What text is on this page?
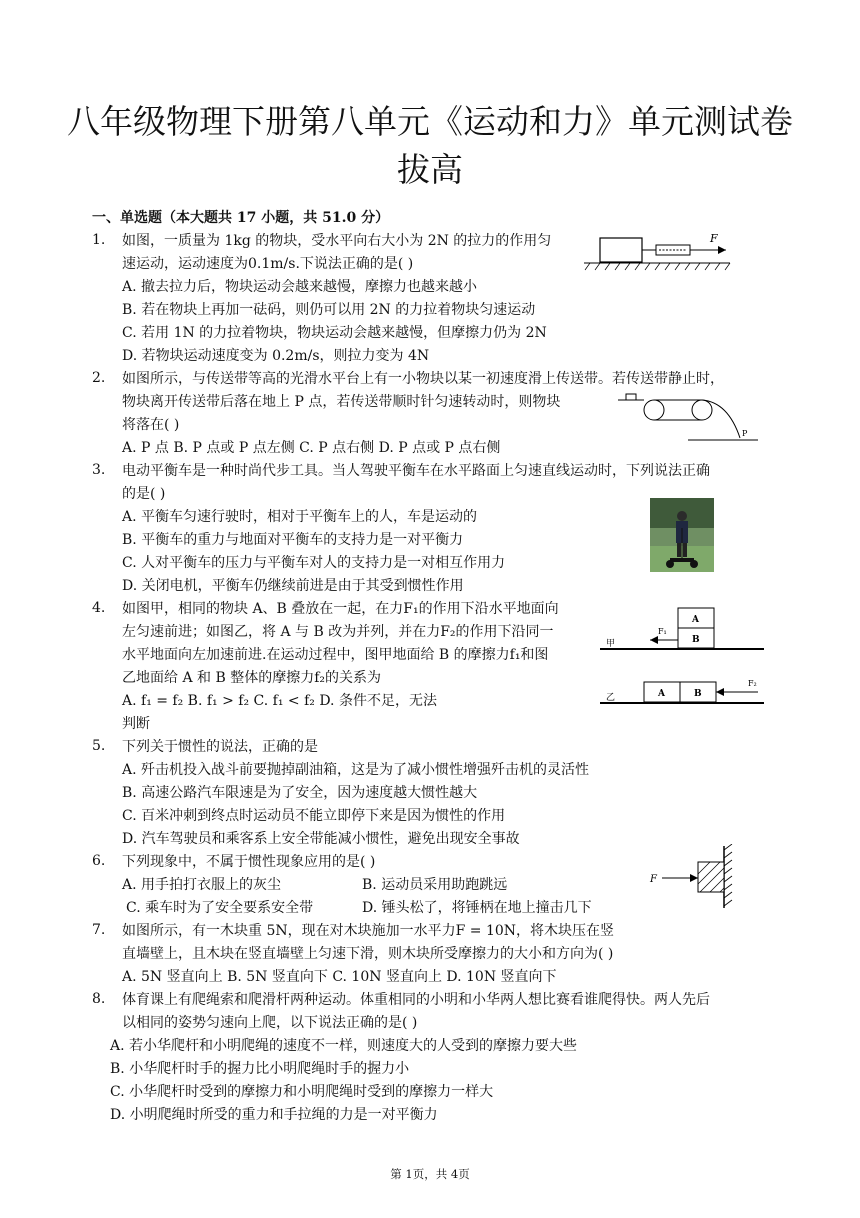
八年级物理下册第八单元《运动和力》单元测试卷
拔高
一、单选题（本大题共 17 小题，共 51.0 分）
1. 如图，一质量为 1kg 的物块，受水平向右大小为 2N 的拉力的作用匀
速运动，运动速度为0.1m/s.下说法正确的是( )
A. 撤去拉力后，物块运动会越来越慢，摩擦力也越来越小
B. 若在物块上再加一砝码，则仍可以用 2N 的力拉着物块匀速运动
C. 若用 1N 的力拉着物块，物块运动会越来越慢，但摩擦力仍为 2N
D. 若物块运动速度变为 0.2m/s，则拉力变为 4N
F
2. 如图所示，与传送带等高的光滑水平台上有一小物块以某一初速度滑上传送带。若传送带静止时，
物块离开传送带后落在地上 P 点，若传送带顺时针匀速转动时，则物块
将落在( )
A. P 点 B. P 点或 P 点左侧 C. P 点右侧 D. P 点或 P 点右侧
P
3. 电动平衡车是一种时尚代步工具。当人驾驶平衡车在水平路面上匀速直线运动时，下列说法正确
的是( )
A. 平衡车匀速行驶时，相对于平衡车上的人，车是运动的
B. 平衡车的重力与地面对平衡车的支持力是一对平衡力
C. 人对平衡车的压力与平衡车对人的支持力是一对相互作用力
D. 关闭电机，平衡车仍继续前进是由于其受到惯性作用
4. 如图甲，相同的物块 A、B 叠放在一起，在力F₁的作用下沿水平地面向
左匀速前进；如图乙，将 A 与 B 改为并列，并在力F₂的作用下沿同一
水平地面向左加速前进.在运动过程中，图甲地面给 B 的摩擦力f₁和图
乙地面给 A 和 B 整体的摩擦力f₂的关系为
A. f₁ = f₂ B. f₁ > f₂ C. f₁ < f₂ D. 条件不足，无法
判断
A
B
F₁
甲
A	B
F₂
乙
5. 下列关于惯性的说法，正确的是
A. 歼击机投入战斗前要抛掉副油箱，这是为了减小惯性增强歼击机的灵活性
B. 高速公路汽车限速是为了安全，因为速度越大惯性越大
C. 百米冲刺到终点时运动员不能立即停下来是因为惯性的作用
D. 汽车驾驶员和乘客系上安全带能减小惯性，避免出现安全事故
6. 下列现象中，不属于惯性现象应用的是( )
A. 用手拍打衣服上的灰尘	B. 运动员采用助跑跳远
C. 乘车时为了安全要系安全带	D. 锤头松了，将锤柄在地上撞击几下
F
7. 如图所示，有一木块重 5N，现在对木块施加一水平力F = 10N，将木块压在竖
直墙壁上，且木块在竖直墙壁上匀速下滑，则木块所受摩擦力的大小和方向为( )
A. 5N 竖直向上 B. 5N 竖直向下 C. 10N 竖直向上 D. 10N 竖直向下
8. 体育课上有爬绳索和爬滑杆两种运动。体重相同的小明和小华两人想比赛看谁爬得快。两人先后
以相同的姿势匀速向上爬，以下说法正确的是( )
A. 若小华爬杆和小明爬绳的速度不一样，则速度大的人受到的摩擦力要大些
B. 小华爬杆时手的握力比小明爬绳时手的握力小
C. 小华爬杆时受到的摩擦力和小明爬绳时受到的摩擦力一样大
D. 小明爬绳时所受的重力和手拉绳的力是一对平衡力
第 1页，共 4页
